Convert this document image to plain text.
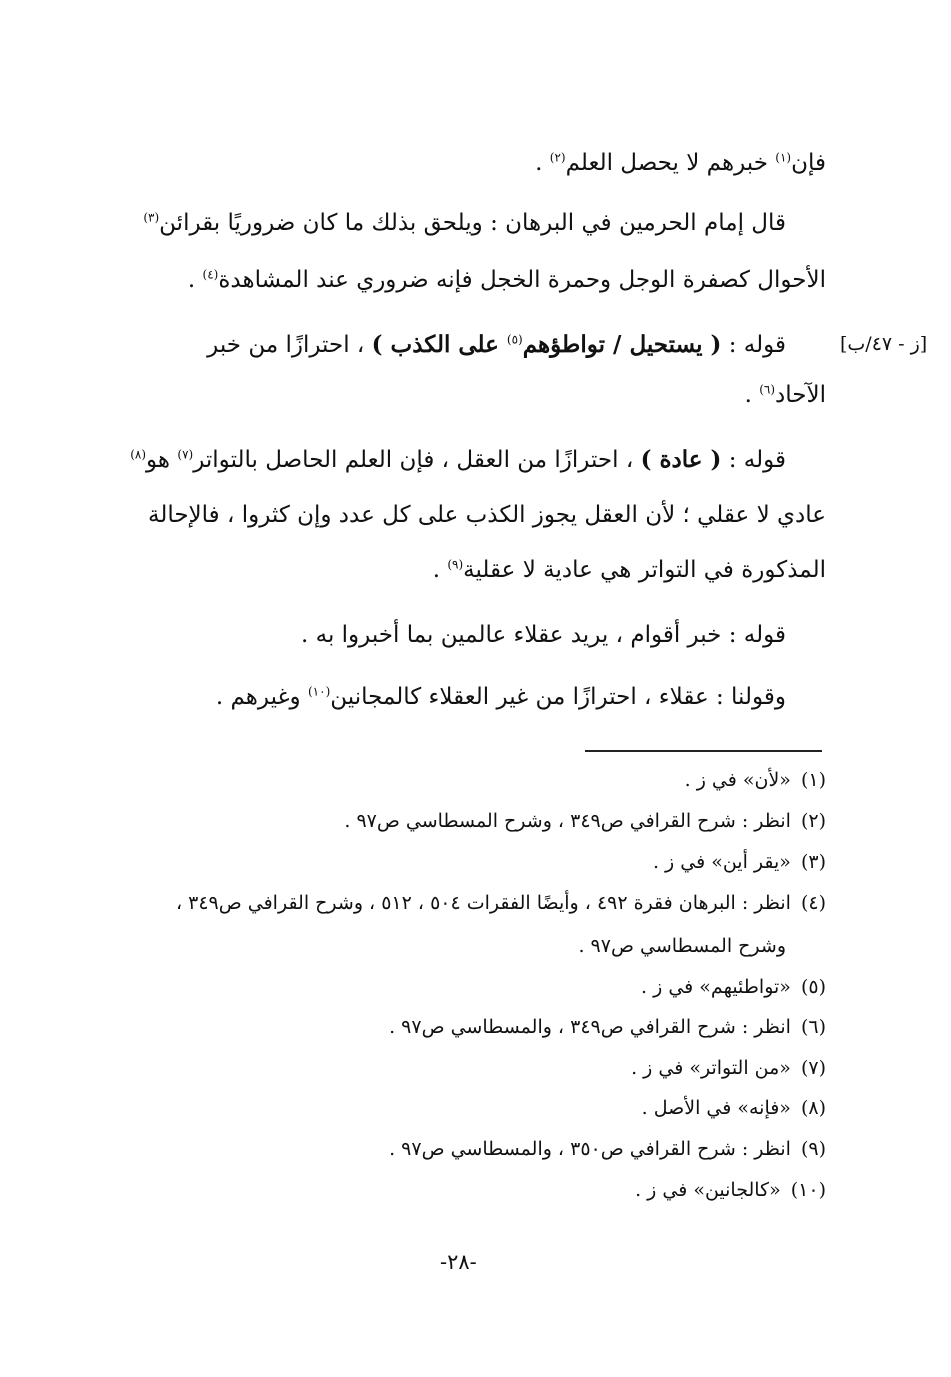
فإن$^{(١)}$ خبرهم لا يحصل العلم$^{(٢)}$ .
قال إمام الحرمين في البرهان : ويلحق بذلك ما كان ضروريًا بقرائن$^{(٣)}$
الأحوال كصفرة الوجل وحمرة الخجل فإنه ضروري عند المشاهدة$^{(٤)}$ .
قوله : ( يستحيل / تواطؤهم$^{(٥)}$ على الكذب ) ، احترازًا من خبر	[ز - ٤٧/ب]
الآحاد$^{(٦)}$ .
قوله : ( عادة ) ، احترازًا من العقل ، فإن العلم الحاصل بالتواتر$^{(٧)}$ هو$^{(٨)}$
عادي لا عقلي ؛ لأن العقل يجوز الكذب على كل عدد وإن كثروا ، فالإحالة
المذكورة في التواتر هي عادية لا عقلية$^{(٩)}$ .
قوله : خبر أقوام ، يريد عقلاء عالمين بما أخبروا به .
وقولنا : عقلاء ، احترازًا من غير العقلاء كالمجانين$^{(١٠)}$ وغيرهم .
(١)«لأن» في ز .
(٢)انظر : شرح القرافي ص٣٤٩ ، وشرح المسطاسي ص٩٧ .
(٣)«يقر أين» في ز .
(٤)انظر : البرهان فقرة ٤٩٢ ، وأيضًا الفقرات ٥٠٤ ، ٥١٢ ، وشرح القرافي ص٣٤٩ ،
وشرح المسطاسي ص٩٧ .
(٥)«تواطئيهم» في ز .
(٦)انظر : شرح القرافي ص٣٤٩ ، والمسطاسي ص٩٧ .
(٧)«من التواتر» في ز .
(٨)«فإنه» في الأصل .
(٩)انظر : شرح القرافي ص٣٥٠ ، والمسطاسي ص٩٧ .
(١٠)«كالجانين» في ز .
-٢٨-
